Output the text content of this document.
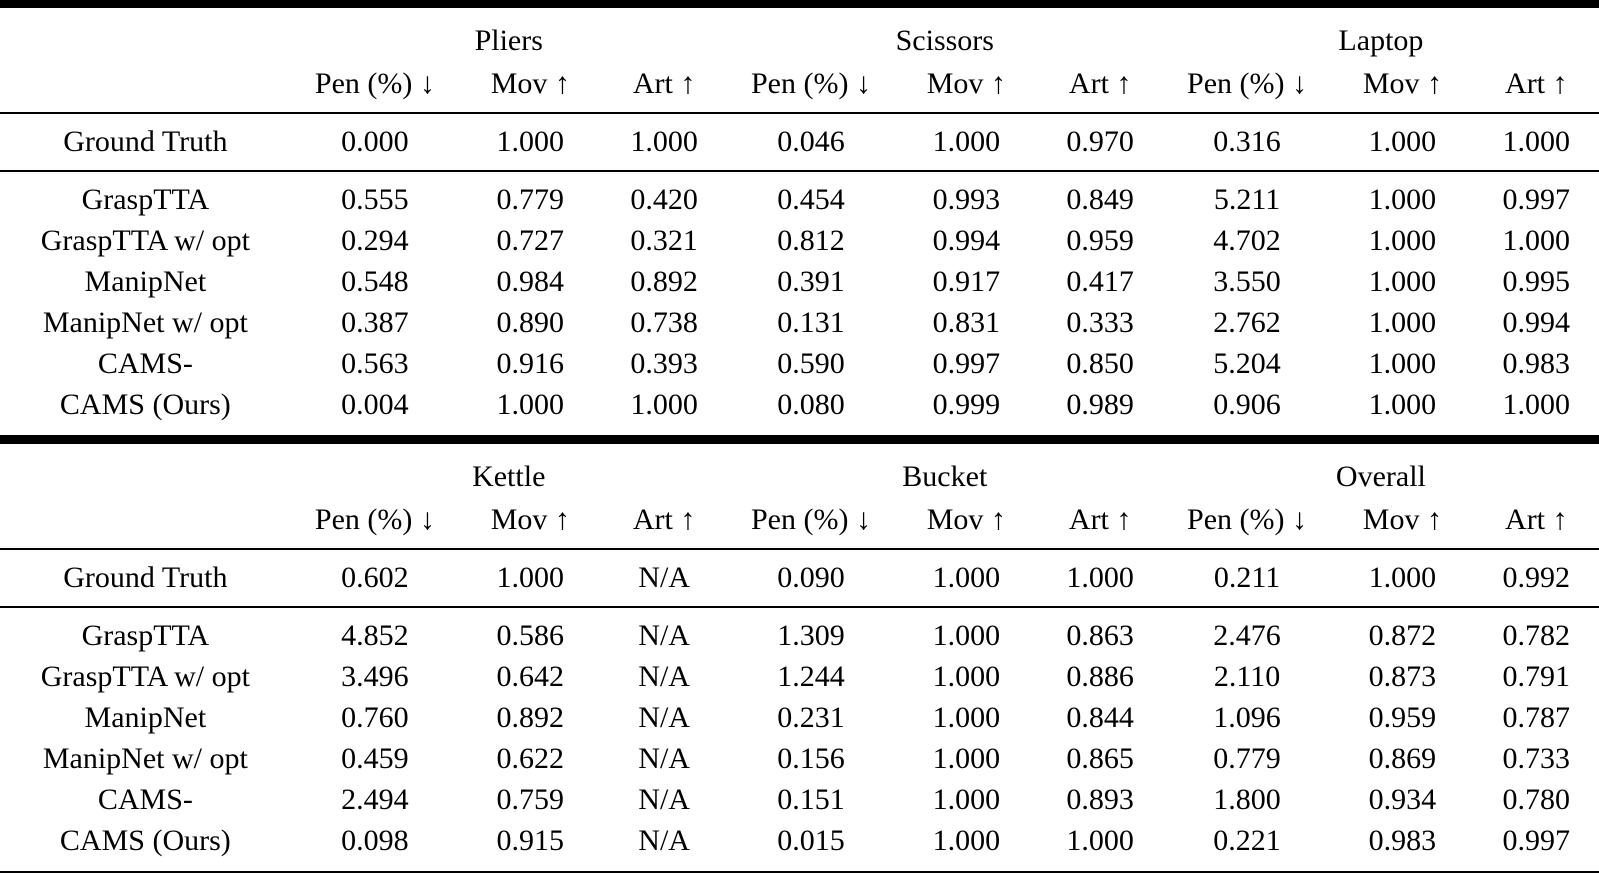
	Pliers			Scissors			Laptop		
	Pen (%) ↓	Mov ↑	Art ↑	Pen (%) ↓	Mov ↑	Art ↑	Pen (%) ↓	Mov ↑	Art ↑
Ground Truth	0.000	1.000	1.000	0.046	1.000	0.970	0.316	1.000	1.000
GraspTTA	0.555	0.779	0.420	0.454	0.993	0.849	5.211	1.000	0.997
GraspTTA w/ opt	0.294	0.727	0.321	0.812	0.994	0.959	4.702	1.000	1.000
ManipNet	0.548	0.984	0.892	0.391	0.917	0.417	3.550	1.000	0.995
ManipNet w/ opt	0.387	0.890	0.738	0.131	0.831	0.333	2.762	1.000	0.994
CAMS-	0.563	0.916	0.393	0.590	0.997	0.850	5.204	1.000	0.983
CAMS (Ours)	0.004	1.000	1.000	0.080	0.999	0.989	0.906	1.000	1.000
	Kettle			Bucket			Overall		
	Pen (%) ↓	Mov ↑	Art ↑	Pen (%) ↓	Mov ↑	Art ↑	Pen (%) ↓	Mov ↑	Art ↑
Ground Truth	0.602	1.000	N/A	0.090	1.000	1.000	0.211	1.000	0.992
GraspTTA	4.852	0.586	N/A	1.309	1.000	0.863	2.476	0.872	0.782
GraspTTA w/ opt	3.496	0.642	N/A	1.244	1.000	0.886	2.110	0.873	0.791
ManipNet	0.760	0.892	N/A	0.231	1.000	0.844	1.096	0.959	0.787
ManipNet w/ opt	0.459	0.622	N/A	0.156	1.000	0.865	0.779	0.869	0.733
CAMS-	2.494	0.759	N/A	0.151	1.000	0.893	1.800	0.934	0.780
CAMS (Ours)	0.098	0.915	N/A	0.015	1.000	1.000	0.221	0.983	0.997
